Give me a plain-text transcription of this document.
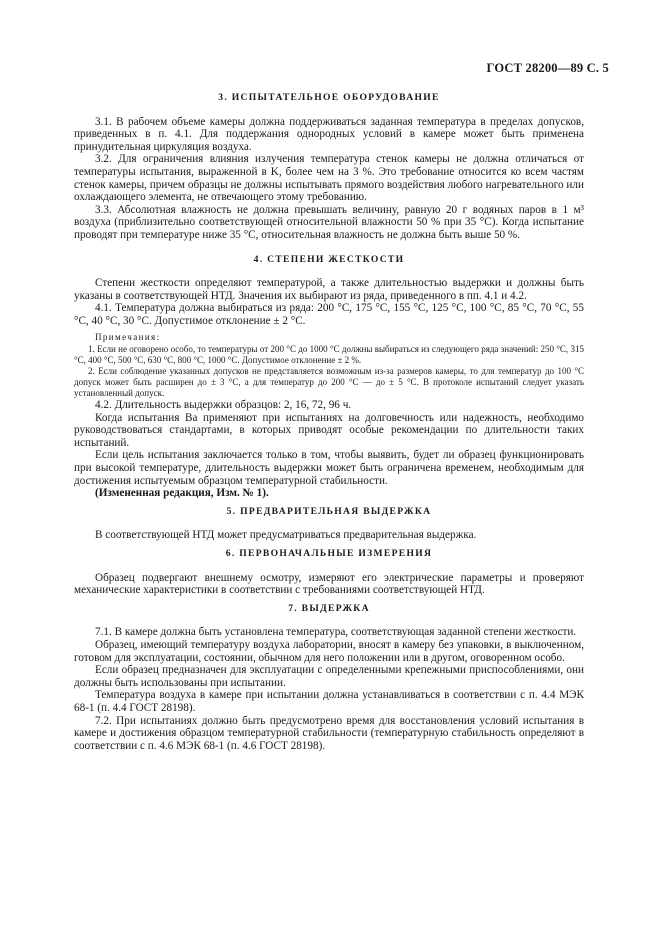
ГОСТ 28200—89 С. 5
3. ИСПЫТАТЕЛЬНОЕ ОБОРУДОВАНИЕ

3.1. В рабочем объеме камеры должна поддерживаться заданная температура в пределах допусков, приведенных в п. 4.1. Для поддержания однородных условий в камере может быть применена принудительная циркуляция воздуха.

3.2. Для ограничения влияния излучения температура стенок камеры не должна отличаться от температуры испытания, выраженной в K, более чем на 3 %. Это требование относится ко всем частям стенок камеры, причем образцы не должны испытывать прямого воздействия любого нагревательного или охлаждающего элемента, не отвечающего этому требованию.

3.3. Абсолютная влажность не должна превышать величину, равную 20 г водяных паров в 1 м³ воздуха (приблизительно соответствующей относительной влажности 50 % при 35 °С). Когда испытание проводят при температуре ниже 35 °С, относительная влажность не должна быть выше 50 %.

4. СТЕПЕНИ ЖЕСТКОСТИ

Степени жесткости определяют температурой, а также длительностью выдержки и должны быть указаны в соответствующей НТД. Значения их выбирают из ряда, приведенного в пп. 4.1 и 4.2.

4.1. Температура должна выбираться из ряда: 200 °С, 175 °С, 155 °С, 125 °С, 100 °С, 85 °С, 70 °С, 55 °С, 40 °С, 30 °С. Допустимое отклонение ± 2 °С.

Примечания:

1. Если не оговорено особо, то температуры от 200 °С до 1000 °С должны выбираться из следующего ряда значений: 250 °С, 315 °С, 400 °С, 500 °С, 630 °С, 800 °С, 1000 °С. Допустимое отклонение ± 2 %.

2. Если соблюдение указанных допусков не представляется возможным из-за размеров камеры, то для температур до 100 °С допуск может быть расширен до ± 3 °С, а для температур до 200 °С — до ± 5 °С. В протоколе испытаний следует указать установленный допуск.

4.2. Длительность выдержки образцов: 2, 16, 72, 96 ч.

Когда испытания Ва применяют при испытаниях на долговечность или надежность, необходимо руководствоваться стандартами, в которых приводят особые рекомендации по длительности таких испытаний.

Если цель испытания заключается только в том, чтобы выявить, будет ли образец функционировать при высокой температуре, длительность выдержки может быть ограничена временем, необходимым для достижения испытуемым образцом температурной стабильности.

(Измененная редакция, Изм. № 1).

5. ПРЕДВАРИТЕЛЬНАЯ ВЫДЕРЖКА

В соответствующей НТД может предусматриваться предварительная выдержка.

6. ПЕРВОНАЧАЛЬНЫЕ ИЗМЕРЕНИЯ

Образец подвергают внешнему осмотру, измеряют его электрические параметры и проверяют механические характеристики в соответствии с требованиями соответствующей НТД.

7. ВЫДЕРЖКА

7.1. В камере должна быть установлена температура, соответствующая заданной степени жесткости.

Образец, имеющий температуру воздуха лаборатории, вносят в камеру без упаковки, в выключенном, готовом для эксплуатации, состоянии, обычном для него положении или в другом, оговоренном особо.

Если образец предназначен для эксплуатации с определенными крепежными приспособлениями, они должны быть использованы при испытании.

Температура воздуха в камере при испытании должна устанавливаться в соответствии с п. 4.4 МЭК 68-1 (п. 4.4 ГОСТ 28198).

7.2. При испытаниях должно быть предусмотрено время для восстановления условий испытания в камере и достижения образцом температурной стабильности (температурную стабильность определяют в соответствии с п. 4.6 МЭК 68-1 (п. 4.6 ГОСТ 28198).
